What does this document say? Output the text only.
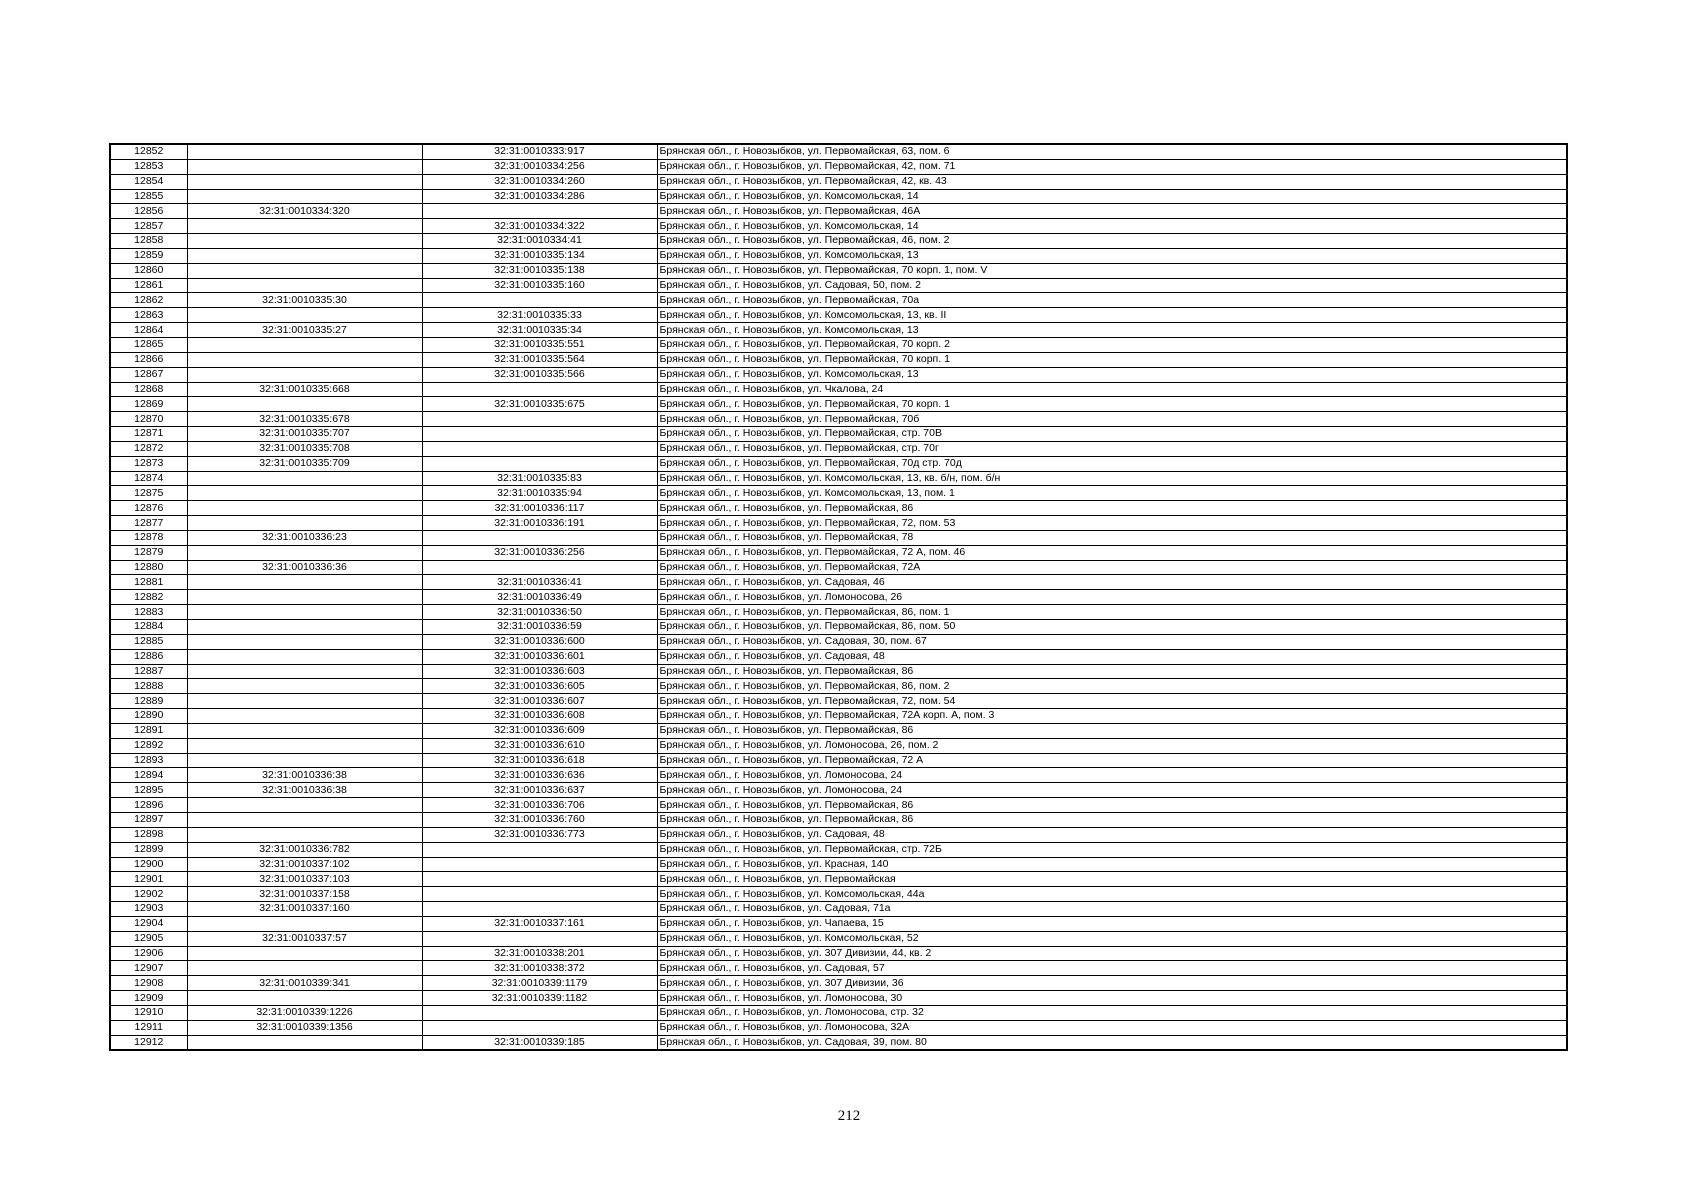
12852		32:31:0010333:917	Брянская обл., г. Новозыбков, ул. Первомайская, 63, пом. 6
12853		32:31:0010334:256	Брянская обл., г. Новозыбков, ул. Первомайская, 42, пом. 71
12854		32:31:0010334:260	Брянская обл., г. Новозыбков, ул. Первомайская, 42, кв. 43
12855		32:31:0010334:286	Брянская обл., г. Новозыбков, ул. Комсомольская, 14
12856	32:31:0010334:320		Брянская обл., г. Новозыбков, ул. Первомайская, 46А
12857		32:31:0010334:322	Брянская обл., г. Новозыбков, ул. Комсомольская, 14
12858		32:31:0010334:41	Брянская обл., г. Новозыбков, ул. Первомайская, 46, пом. 2
12859		32:31:0010335:134	Брянская обл., г. Новозыбков, ул. Комсомольская, 13
12860		32:31:0010335:138	Брянская обл., г. Новозыбков, ул. Первомайская, 70 корп. 1, пом. V
12861		32:31:0010335:160	Брянская обл., г. Новозыбков, ул. Садовая, 50, пом. 2
12862	32:31:0010335:30		Брянская обл., г. Новозыбков, ул. Первомайская, 70а
12863		32:31:0010335:33	Брянская обл., г. Новозыбков, ул. Комсомольская, 13, кв. II
12864	32:31:0010335:27	32:31:0010335:34	Брянская обл., г. Новозыбков, ул. Комсомольская, 13
12865		32:31:0010335:551	Брянская обл., г. Новозыбков, ул. Первомайская, 70 корп. 2
12866		32:31:0010335:564	Брянская обл., г. Новозыбков, ул. Первомайская, 70 корп. 1
12867		32:31:0010335:566	Брянская обл., г. Новозыбков, ул. Комсомольская, 13
12868	32:31:0010335:668		Брянская обл., г. Новозыбков, ул. Чкалова, 24
12869		32:31:0010335:675	Брянская обл., г. Новозыбков, ул. Первомайская, 70 корп. 1
12870	32:31:0010335:678		Брянская обл., г. Новозыбков, ул. Первомайская, 70б
12871	32:31:0010335:707		Брянская обл., г. Новозыбков, ул. Первомайская, стр. 70В
12872	32:31:0010335:708		Брянская обл., г. Новозыбков, ул. Первомайская, стр. 70г
12873	32:31:0010335:709		Брянская обл., г. Новозыбков, ул. Первомайская, 70д стр. 70д
12874		32:31:0010335:83	Брянская обл., г. Новозыбков, ул. Комсомольская, 13, кв. б/н, пом. б/н
12875		32:31:0010335:94	Брянская обл., г. Новозыбков, ул. Комсомольская, 13, пом. 1
12876		32:31:0010336:117	Брянская обл., г. Новозыбков, ул. Первомайская, 86
12877		32:31:0010336:191	Брянская обл., г. Новозыбков, ул. Первомайская, 72, пом. 53
12878	32:31:0010336:23		Брянская обл., г. Новозыбков, ул. Первомайская, 78
12879		32:31:0010336:256	Брянская обл., г. Новозыбков, ул. Первомайская, 72 А, пом. 46
12880	32:31:0010336:36		Брянская обл., г. Новозыбков, ул. Первомайская, 72А
12881		32:31:0010336:41	Брянская обл., г. Новозыбков, ул. Садовая, 46
12882		32:31:0010336:49	Брянская обл., г. Новозыбков, ул. Ломоносова, 26
12883		32:31:0010336:50	Брянская обл., г. Новозыбков, ул. Первомайская, 86, пом. 1
12884		32:31:0010336:59	Брянская обл., г. Новозыбков, ул. Первомайская, 86, пом. 50
12885		32:31:0010336:600	Брянская обл., г. Новозыбков, ул. Садовая, 30, пом. 67
12886		32:31:0010336:601	Брянская обл., г. Новозыбков, ул. Садовая, 48
12887		32:31:0010336:603	Брянская обл., г. Новозыбков, ул. Первомайская, 86
12888		32:31:0010336:605	Брянская обл., г. Новозыбков, ул. Первомайская, 86, пом. 2
12889		32:31:0010336:607	Брянская обл., г. Новозыбков, ул. Первомайская, 72, пом. 54
12890		32:31:0010336:608	Брянская обл., г. Новозыбков, ул. Первомайская, 72А корп. А, пом. 3
12891		32:31:0010336:609	Брянская обл., г. Новозыбков, ул. Первомайская, 86
12892		32:31:0010336:610	Брянская обл., г. Новозыбков, ул. Ломоносова, 26, пом. 2
12893		32:31:0010336:618	Брянская обл., г. Новозыбков, ул. Первомайская, 72 А
12894	32:31:0010336:38	32:31:0010336:636	Брянская обл., г. Новозыбков, ул. Ломоносова, 24
12895	32:31:0010336:38	32:31:0010336:637	Брянская обл., г. Новозыбков, ул. Ломоносова, 24
12896		32:31:0010336:706	Брянская обл., г. Новозыбков, ул. Первомайская, 86
12897		32:31:0010336:760	Брянская обл., г. Новозыбков, ул. Первомайская, 86
12898		32:31:0010336:773	Брянская обл., г. Новозыбков, ул. Садовая, 48
12899	32:31:0010336:782		Брянская обл., г. Новозыбков, ул. Первомайская, стр. 72Б
12900	32:31:0010337:102		Брянская обл., г. Новозыбков, ул. Красная, 140
12901	32:31:0010337:103		Брянская обл., г. Новозыбков, ул. Первомайская
12902	32:31:0010337:158		Брянская обл., г. Новозыбков, ул. Комсомольская, 44а
12903	32:31:0010337:160		Брянская обл., г. Новозыбков, ул. Садовая, 71а
12904		32:31:0010337:161	Брянская обл., г. Новозыбков, ул. Чапаева, 15
12905	32:31:0010337:57		Брянская обл., г. Новозыбков, ул. Комсомольская, 52
12906		32:31:0010338:201	Брянская обл., г. Новозыбков, ул. 307 Дивизии, 44, кв. 2
12907		32:31:0010338:372	Брянская обл., г. Новозыбков, ул. Садовая, 57
12908	32:31:0010339:341	32:31:0010339:1179	Брянская обл., г. Новозыбков, ул. 307 Дивизии, 36
12909		32:31:0010339:1182	Брянская обл., г. Новозыбков, ул. Ломоносова, 30
12910	32:31:0010339:1226		Брянская обл., г. Новозыбков, ул. Ломоносова, стр. 32
12911	32:31:0010339:1356		Брянская обл., г. Новозыбков, ул. Ломоносова, 32А
12912		32:31:0010339:185	Брянская обл., г. Новозыбков, ул. Садовая, 39, пом. 80
212
